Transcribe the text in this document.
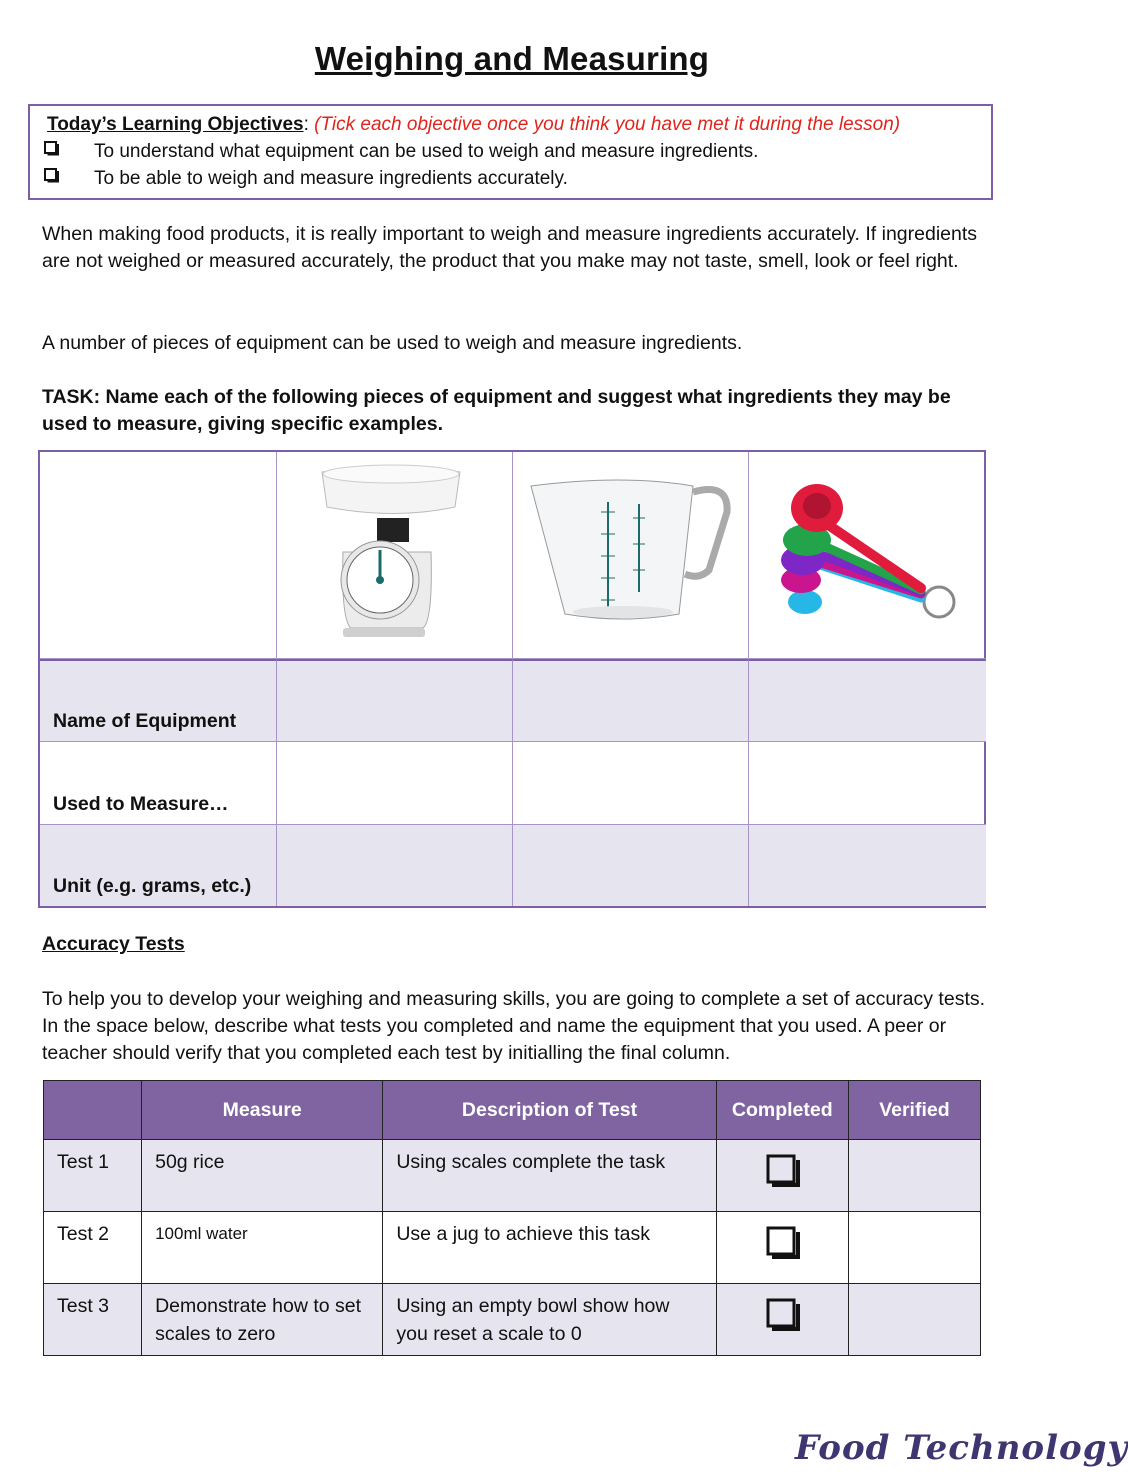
Weighing and Measuring
Today’s Learning Objectives: (Tick each objective once you think you have met it during the lesson)
To understand what equipment can be used to weigh and measure ingredients.
To be able to weigh and measure ingredients accurately.
When making food products, it is really important to weigh and measure ingredients accurately. If ingredients are not weighed or measured accurately, the product that you make may not taste, smell, look or feel right.
A number of pieces of equipment can be used to weigh and measure ingredients.
TASK: Name each of the following pieces of equipment and suggest what ingredients they may be used to measure, giving specific examples.
Name of Equipment
Used to Measure…
Unit (e.g. grams, etc.)
Accuracy Tests
To help you to develop your weighing and measuring skills, you are going to complete a set of accuracy tests. In the space below, describe what tests you completed and name the equipment that you used. A peer or teacher should verify that you completed each test by initialling the final column.
	Measure	Description of Test	Completed	Verified
Test 1	50g rice	Using scales complete the task	

Test 2	100ml water	Use a jug to achieve this task	

Test 3	Demonstrate how to set scales to zero	Using an empty bowl show how you reset a scale to 0	

Food Technology
